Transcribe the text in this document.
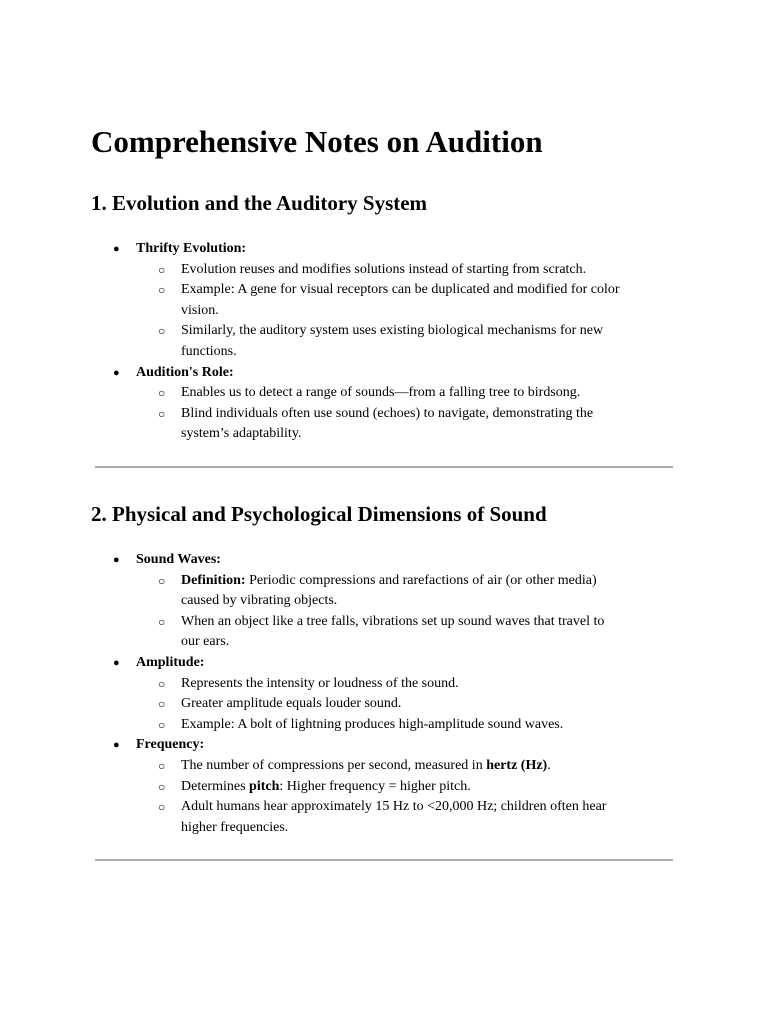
Comprehensive Notes on Audition
1. Evolution and the Auditory System
● Thrifty Evolution:
○ Evolution reuses and modifies solutions instead of starting from scratch.
○ Example: A gene for visual receptors can be duplicated and modified for color vision.
○ Similarly, the auditory system uses existing biological mechanisms for new functions.
● Audition's Role:
○ Enables us to detect a range of sounds—from a falling tree to birdsong.
○ Blind individuals often use sound (echoes) to navigate, demonstrating the system’s adaptability.
2. Physical and Psychological Dimensions of Sound
● Sound Waves:
○ Definition: Periodic compressions and rarefactions of air (or other media) caused by vibrating objects.
○ When an object like a tree falls, vibrations set up sound waves that travel to our ears.
● Amplitude:
○ Represents the intensity or loudness of the sound.
○ Greater amplitude equals louder sound.
○ Example: A bolt of lightning produces high-amplitude sound waves.
● Frequency:
○ The number of compressions per second, measured in hertz (Hz).
○ Determines pitch: Higher frequency = higher pitch.
○ Adult humans hear approximately 15 Hz to <20,000 Hz; children often hear higher frequencies.
